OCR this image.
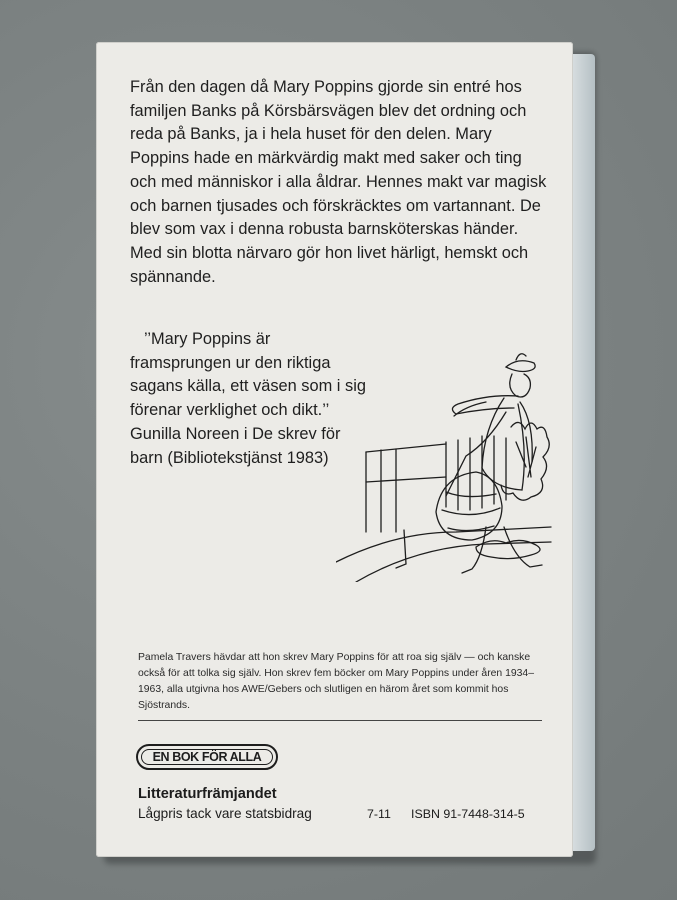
Från den dagen då Mary Poppins gjorde sin entré hos familjen Banks på Körsbärsvägen blev det ordning och reda på Banks, ja i hela huset för den delen. Mary Poppins hade en märkvärdig makt med saker och ting och med människor i alla åldrar. Hennes makt var magisk och barnen tjusades och förskräcktes om vartannant. De blev som vax i denna robusta barnsköterskas händer. Med sin blotta närvaro gör hon livet härligt, hemskt och spännande.

’’Mary Poppins är framsprungen ur den riktiga sagans källa, ett väsen som i sig förenar verklighet och dikt.’’ Gunilla Noreen i De skrev för barn (Bibliotekstjänst 1983)

Pamela Travers hävdar att hon skrev Mary Poppins för att roa sig själv — och kanske också för att tolka sig själv. Hon skrev fem böcker om Mary Poppins under åren 1934–1963, alla utgivna hos AWE/Gebers och slutligen en härom året som kommit hos Sjöstrands.

EN BOK FÖR ALLA
Litteraturfrämjandet
Lågpris tack vare statsbidrag	7-11 ISBN 91-7448-314-5
